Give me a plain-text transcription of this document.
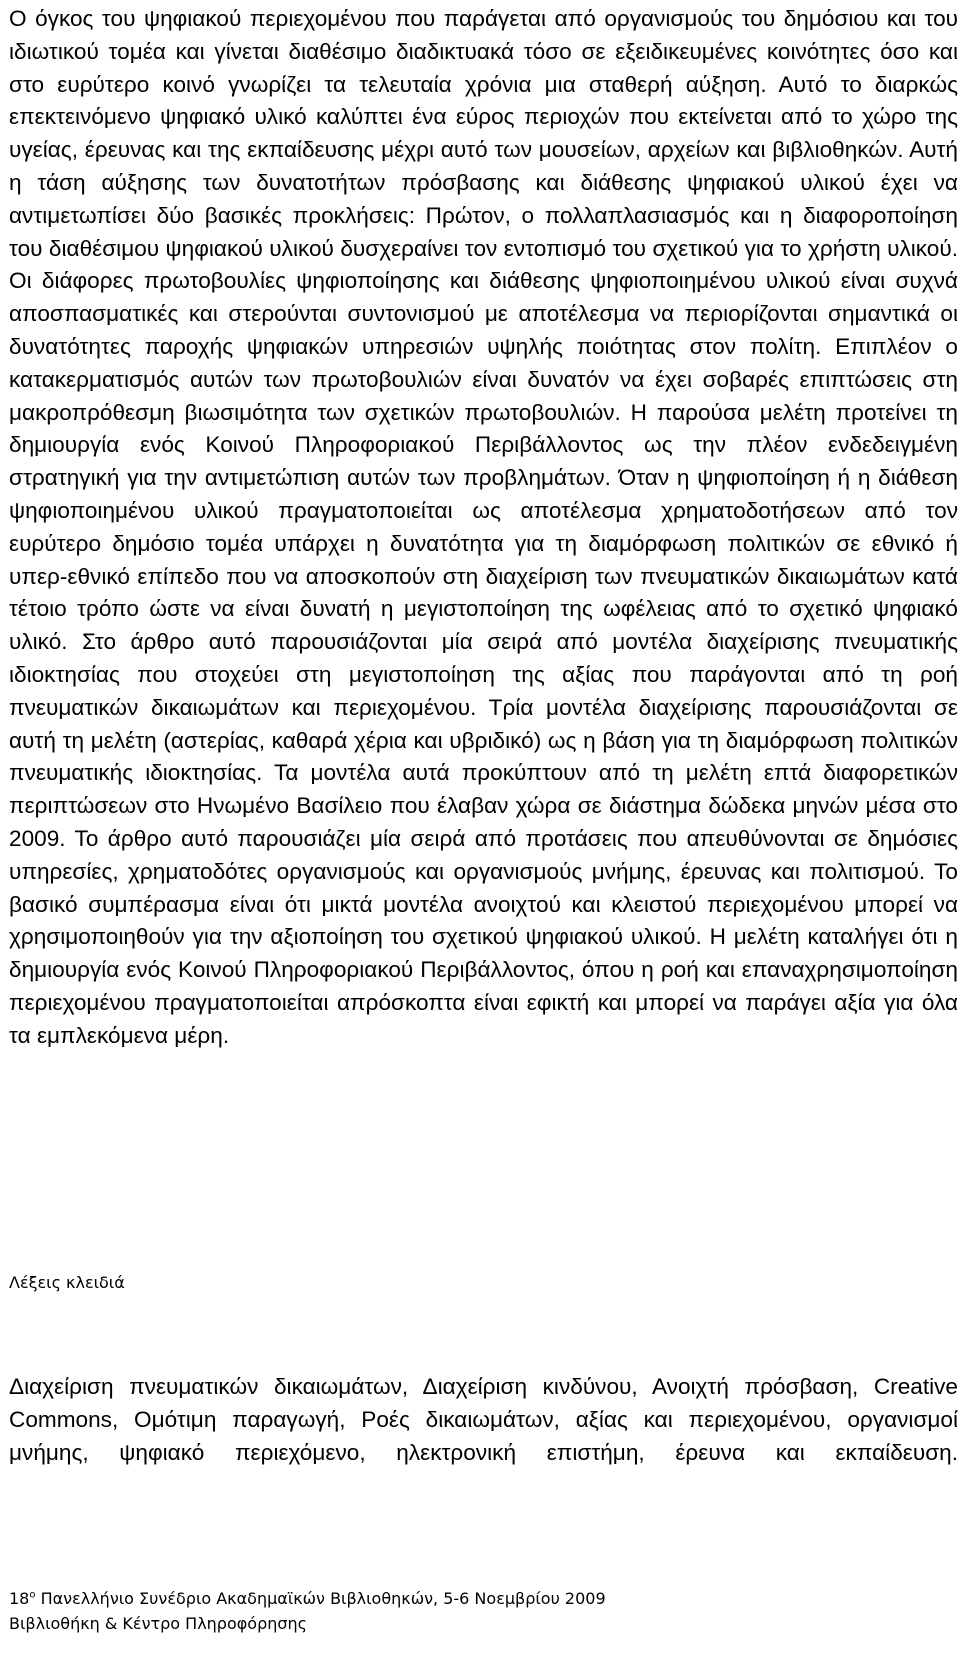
Ο όγκος του ψηφιακού περιεχομένου που παράγεται από οργανισμούς του δημόσιου και του ιδιωτικού τομέα και γίνεται διαθέσιμο διαδικτυακά τόσο σε εξειδικευμένες κοινότητες όσο και στο ευρύτερο κοινό γνωρίζει τα τελευταία χρόνια μια σταθερή αύξηση. Αυτό το διαρκώς επεκτεινόμενο ψηφιακό υλικό καλύπτει ένα εύρος περιοχών που εκτείνεται από το χώρο της υγείας, έρευνας και της εκπαίδευσης μέχρι αυτό των μουσείων, αρχείων και βιβλιοθηκών. Αυτή η τάση αύξησης των δυνατοτήτων πρόσβασης και διάθεσης ψηφιακού υλικού έχει να αντιμετωπίσει δύο βασικές προκλήσεις: Πρώτον, ο πολλαπλασιασμός και η διαφοροποίηση του διαθέσιμου ψηφιακού υλικού δυσχεραίνει τον εντοπισμό του σχετικού για το χρήστη υλικού. Οι διάφορες πρωτοβουλίες ψηφιοποίησης και διάθεσης ψηφιοποιημένου υλικού είναι συχνά αποσπασματικές και στερούνται συντονισμού με αποτέλεσμα να περιορίζονται σημαντικά οι δυνατότητες παροχής ψηφιακών υπηρεσιών υψηλής ποιότητας στον πολίτη. Επιπλέον ο κατακερματισμός αυτών των πρωτοβουλιών είναι δυνατόν να έχει σοβαρές επιπτώσεις στη μακροπρόθεσμη βιωσιμότητα των σχετικών πρωτοβουλιών. Η παρούσα μελέτη προτείνει τη δημιουργία ενός Κοινού Πληροφοριακού Περιβάλλοντος ως την πλέον ενδεδειγμένη στρατηγική για την αντιμετώπιση αυτών των προβλημάτων. Όταν η ψηφιοποίηση ή η διάθεση ψηφιοποιημένου υλικού πραγματοποιείται ως αποτέλεσμα χρηματοδοτήσεων από τον ευρύτερο δημόσιο τομέα υπάρχει η δυνατότητα για τη διαμόρφωση πολιτικών σε εθνικό ή υπερ-εθνικό επίπεδο που να αποσκοπούν στη διαχείριση των πνευματικών δικαιωμάτων κατά τέτοιο τρόπο ώστε να είναι δυνατή η μεγιστοποίηση της ωφέλειας από το σχετικό ψηφιακό υλικό. Στο άρθρο αυτό παρουσιάζονται μία σειρά από μοντέλα διαχείρισης πνευματικής ιδιοκτησίας που στοχεύει στη μεγιστοποίηση της αξίας που παράγονται από τη ροή πνευματικών δικαιωμάτων και περιεχομένου. Τρία μοντέλα διαχείρισης παρουσιάζονται σε αυτή τη μελέτη (αστερίας, καθαρά χέρια και υβριδικό) ως η βάση για τη διαμόρφωση πολιτικών πνευματικής ιδιοκτησίας. Τα μοντέλα αυτά προκύπτουν από τη μελέτη επτά διαφορετικών περιπτώσεων στο Ηνωμένο Βασίλειο που έλαβαν χώρα σε διάστημα δώδεκα μηνών μέσα στο 2009. Το άρθρο αυτό παρουσιάζει μία σειρά από προτάσεις που απευθύνονται σε δημόσιες υπηρεσίες, χρηματοδότες οργανισμούς και οργανισμούς μνήμης, έρευνας και πολιτισμού. Το βασικό συμπέρασμα είναι ότι μικτά μοντέλα ανοιχτού και κλειστού περιεχομένου μπορεί να χρησιμοποιηθούν για την αξιοποίηση του σχετικού ψηφιακού υλικού. Η μελέτη καταλήγει ότι η δημιουργία ενός Κοινού Πληροφοριακού Περιβάλλοντος, όπου η ροή και επαναχρησιμοποίηση περιεχομένου πραγματοποιείται απρόσκοπτα είναι εφικτή και μπορεί να παράγει αξία για όλα τα εμπλεκόμενα μέρη.

Λέξεις κλειδιά

Διαχείριση πνευματικών δικαιωμάτων, Διαχείριση κινδύνου, Ανοιχτή πρόσβαση, Creative Commons, Ομότιμη παραγωγή, Ροές δικαιωμάτων, αξίας και περιεχομένου, οργανισμοί μνήμης, ψηφιακό περιεχόμενο, ηλεκτρονική επιστήμη, έρευνα και εκπαίδευση.

$18^o$ Πανελλήνιο Συνέδριο Ακαδημαϊκών Βιβλιοθηκών, 5-6 Νοεμβρίου 2009
Βιβλιοθήκη & Κέντρο Πληροφόρησης
